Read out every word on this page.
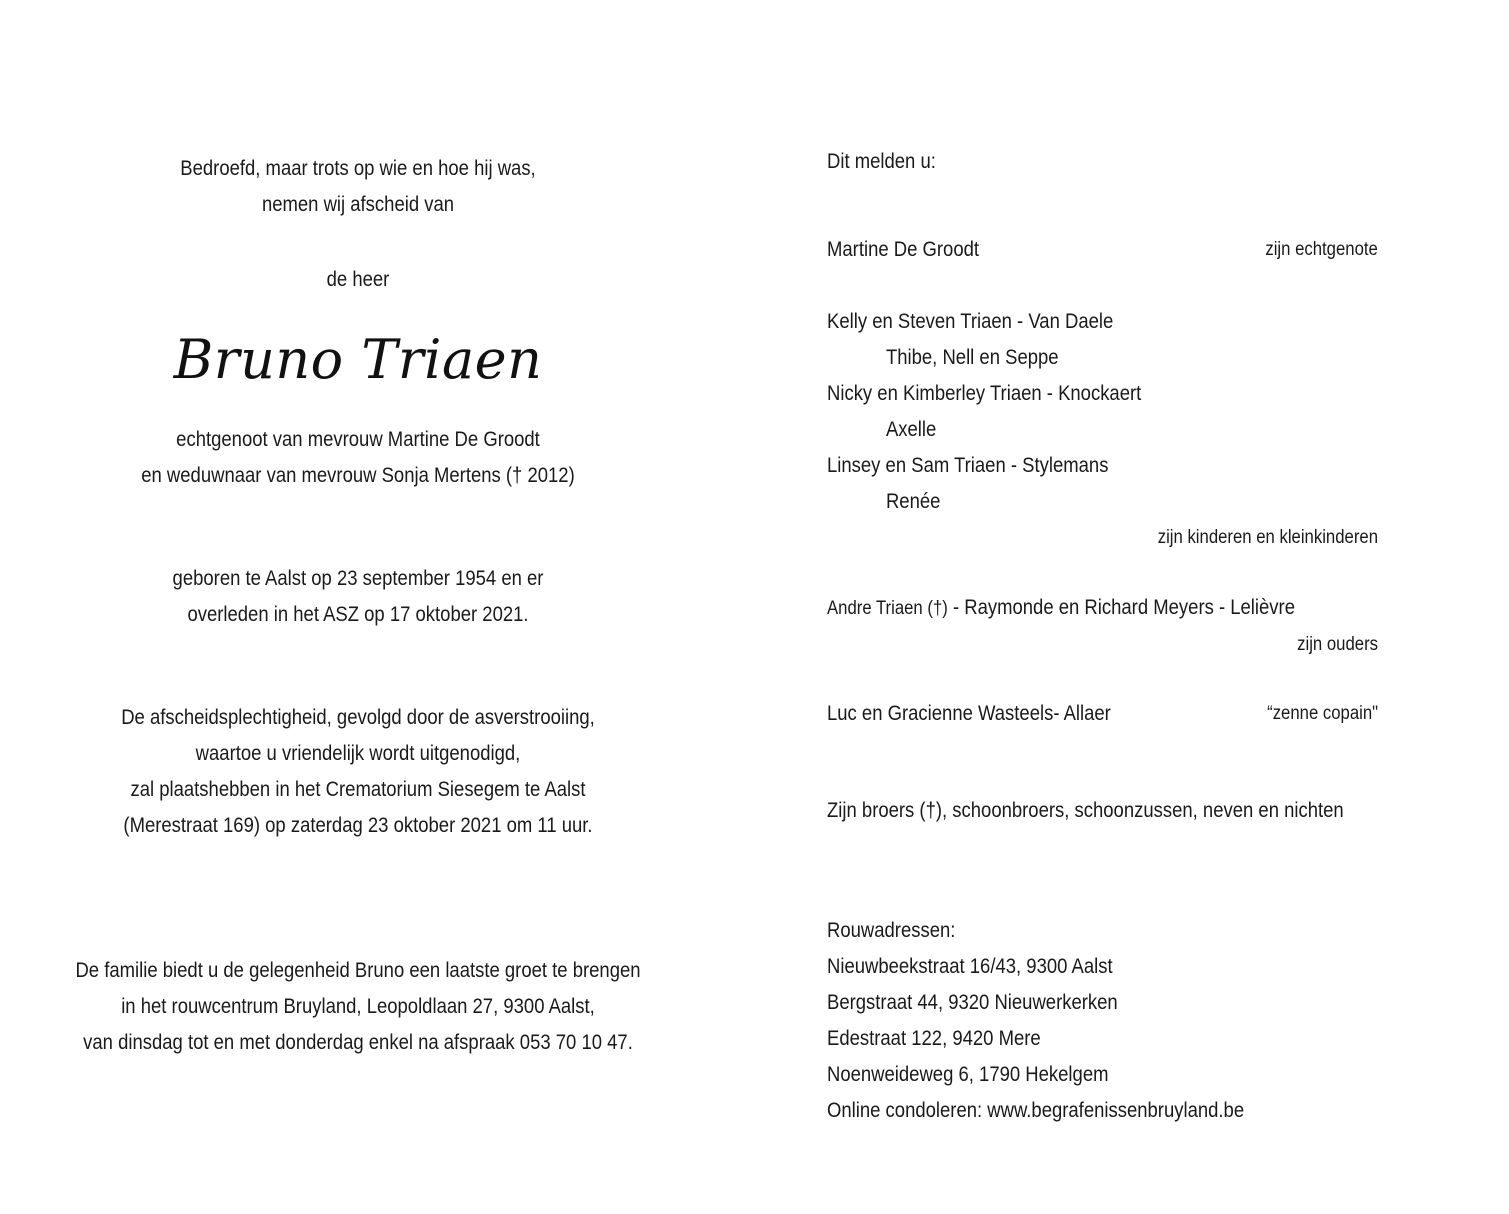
Bedroefd, maar trots op wie en hoe hij was,
nemen wij afscheid van
de heer
Bruno Triaen
echtgenoot van mevrouw Martine De Groodt
en weduwnaar van mevrouw Sonja Mertens († 2012)
geboren te Aalst op 23 september 1954 en er
overleden in het ASZ op 17 oktober 2021.
De afscheidsplechtigheid, gevolgd door de asverstrooiing,
waartoe u vriendelijk wordt uitgenodigd,
zal plaatshebben in het Crematorium Siesegem te Aalst
(Merestraat 169) op zaterdag 23 oktober 2021 om 11 uur.
De familie biedt u de gelegenheid Bruno een laatste groet te brengen
in het rouwcentrum Bruyland, Leopoldlaan 27, 9300 Aalst,
van dinsdag tot en met donderdag enkel na afspraak 053 70 10 47.
Dit melden u:
Martine De Groodt	zijn echtgenote
Kelly en Steven Triaen - Van Daele
Thibe, Nell en Seppe
Nicky en Kimberley Triaen - Knockaert
Axelle
Linsey en Sam Triaen - Stylemans
Renée
zijn kinderen en kleinkinderen
Andre Triaen (†) - Raymonde en Richard Meyers - Lelièvre
zijn ouders
Luc en Gracienne Wasteels- Allaer	“zenne copain"
Zijn broers (†), schoonbroers, schoonzussen, neven en nichten
Rouwadressen:
Nieuwbeekstraat 16/43, 9300 Aalst
Bergstraat 44, 9320 Nieuwerkerken
Edestraat 122, 9420 Mere
Noenweideweg 6, 1790 Hekelgem
Online condoleren: www.begrafenissenbruyland.be
